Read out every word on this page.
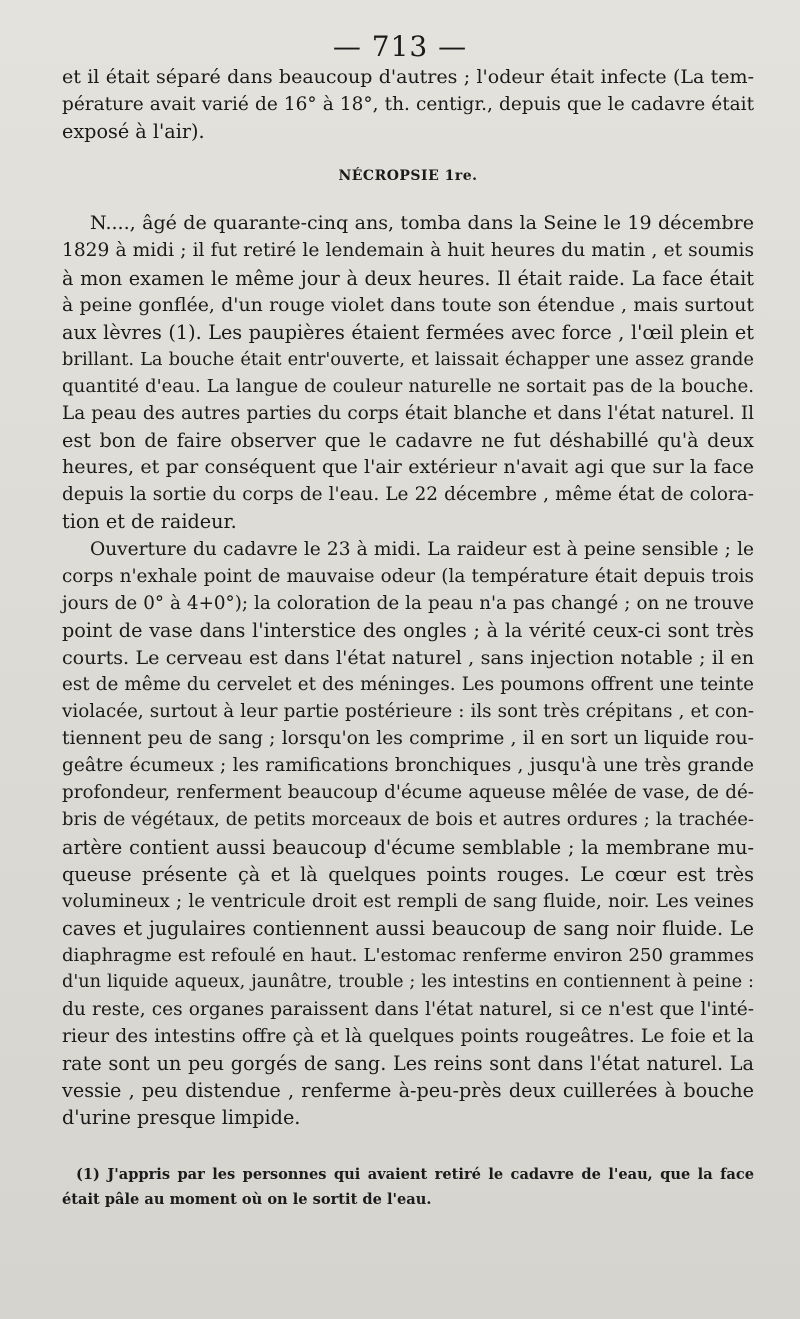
— 713 —
et il était séparé dans beaucoup d'autres ; l'odeur était infecte (La tem-
pérature avait varié de 16° à 18°, th. centigr., depuis que le cadavre était
exposé à l'air).
NÉCROPSIE 1re.
N...., âgé de quarante-cinq ans, tomba dans la Seine le 19 décembre
1829 à midi ; il fut retiré le lendemain à huit heures du matin , et soumis
à mon examen le même jour à deux heures. Il était raide. La face était
à peine gonflée, d'un rouge violet dans toute son étendue , mais surtout
aux lèvres (1). Les paupières étaient fermées avec force , l'œil plein et
brillant. La bouche était entr'ouverte, et laissait échapper une assez grande
quantité d'eau. La langue de couleur naturelle ne sortait pas de la bouche.
La peau des autres parties du corps était blanche et dans l'état naturel. Il
est bon de faire observer que le cadavre ne fut déshabillé qu'à deux
heures, et par conséquent que l'air extérieur n'avait agi que sur la face
depuis la sortie du corps de l'eau. Le 22 décembre , même état de colora-
tion et de raideur.
Ouverture du cadavre le 23 à midi. La raideur est à peine sensible ; le
corps n'exhale point de mauvaise odeur (la température était depuis trois
jours de 0° à 4+0°); la coloration de la peau n'a pas changé ; on ne trouve
point de vase dans l'interstice des ongles ; à la vérité ceux-ci sont très
courts. Le cerveau est dans l'état naturel , sans injection notable ; il en
est de même du cervelet et des méninges. Les poumons offrent une teinte
violacée, surtout à leur partie postérieure : ils sont très crépitans , et con-
tiennent peu de sang ; lorsqu'on les comprime , il en sort un liquide rou-
geâtre écumeux ; les ramifications bronchiques , jusqu'à une très grande
profondeur, renferment beaucoup d'écume aqueuse mêlée de vase, de dé-
bris de végétaux, de petits morceaux de bois et autres ordures ; la trachée-
artère contient aussi beaucoup d'écume semblable ; la membrane mu-
queuse présente çà et là quelques points rouges. Le cœur est très
volumineux ; le ventricule droit est rempli de sang fluide, noir. Les veines
caves et jugulaires contiennent aussi beaucoup de sang noir fluide. Le
diaphragme est refoulé en haut. L'estomac renferme environ 250 grammes
d'un liquide aqueux, jaunâtre, trouble ; les intestins en contiennent à peine :
du reste, ces organes paraissent dans l'état naturel, si ce n'est que l'inté-
rieur des intestins offre çà et là quelques points rougeâtres. Le foie et la
rate sont un peu gorgés de sang. Les reins sont dans l'état naturel. La
vessie , peu distendue , renferme à-peu-près deux cuillerées à bouche
d'urine presque limpide.
(1) J'appris par les personnes qui avaient retiré le cadavre de l'eau, que la face
était pâle au moment où on le sortit de l'eau.
